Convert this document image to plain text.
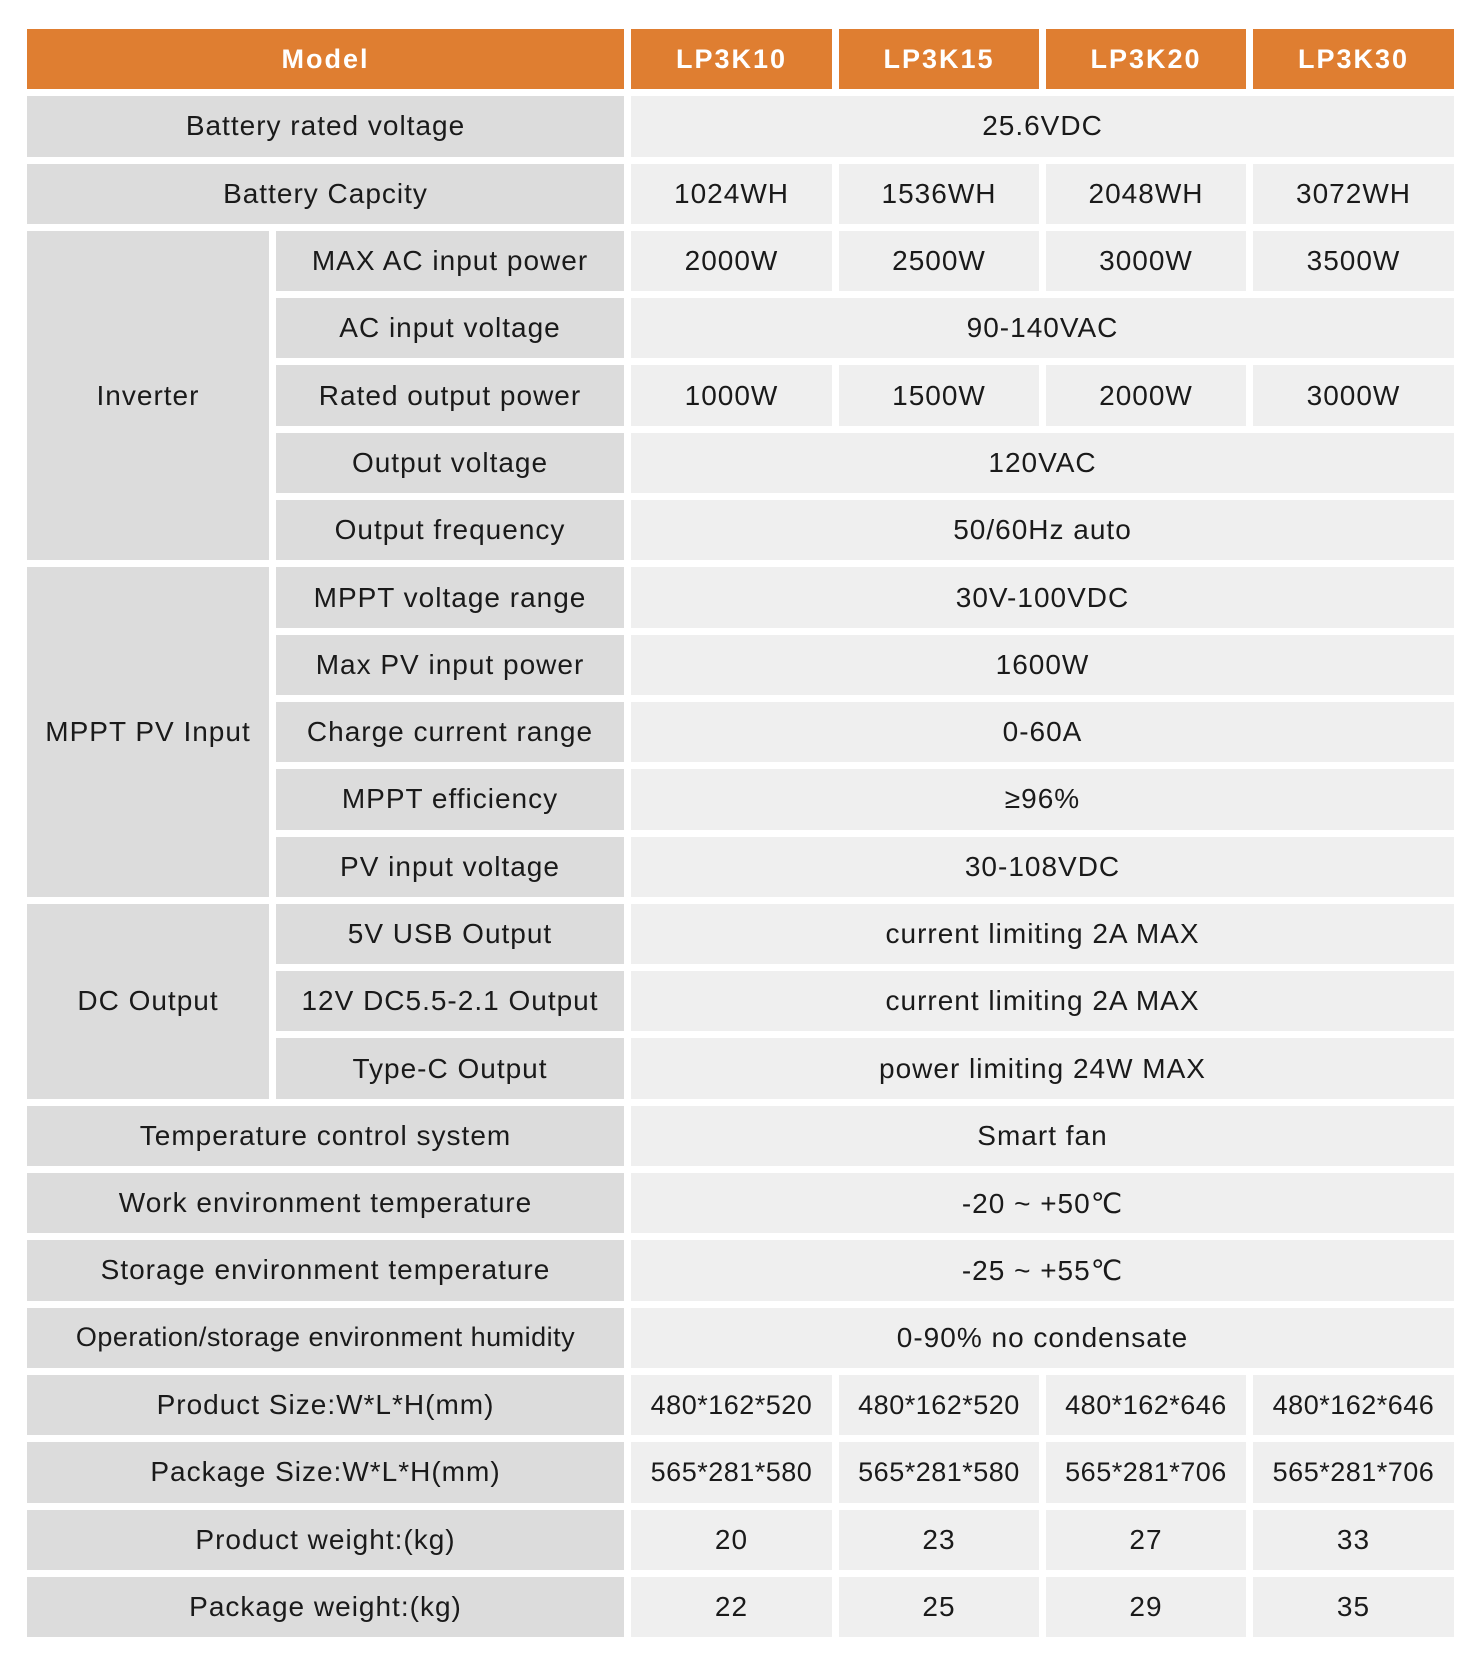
Model	LP3K10	LP3K15	LP3K20	LP3K30
Battery rated voltage	25.6VDC
Battery Capcity	1024WH	1536WH	2048WH	3072WH
Inverter
MAX AC input power	2000W	2500W	3000W	3500W
AC input voltage	90-140VAC
Rated output power	1000W	1500W	2000W	3000W
Output voltage	120VAC
Output frequency	50/60Hz auto
MPPT PV Input
MPPT voltage range	30V-100VDC
Max PV input power	1600W
Charge current range	0-60A
MPPT efficiency	≥96%
PV input voltage	30-108VDC
DC Output
5V USB Output	current limiting 2A MAX
12V DC5.5-2.1 Output	current limiting 2A MAX
Type-C Output	power limiting 24W MAX
Temperature control system	Smart fan
Work environment temperature	-20 ~ +50℃
Storage environment temperature	-25 ~ +55℃
Operation/storage environment humidity	0-90% no condensate
Product Size:W*L*H(mm)	480*162*520	480*162*520	480*162*646	480*162*646
Package Size:W*L*H(mm)	565*281*580	565*281*580	565*281*706	565*281*706
Product weight:(kg)	20	23	27	33
Package weight:(kg)	22	25	29	35
